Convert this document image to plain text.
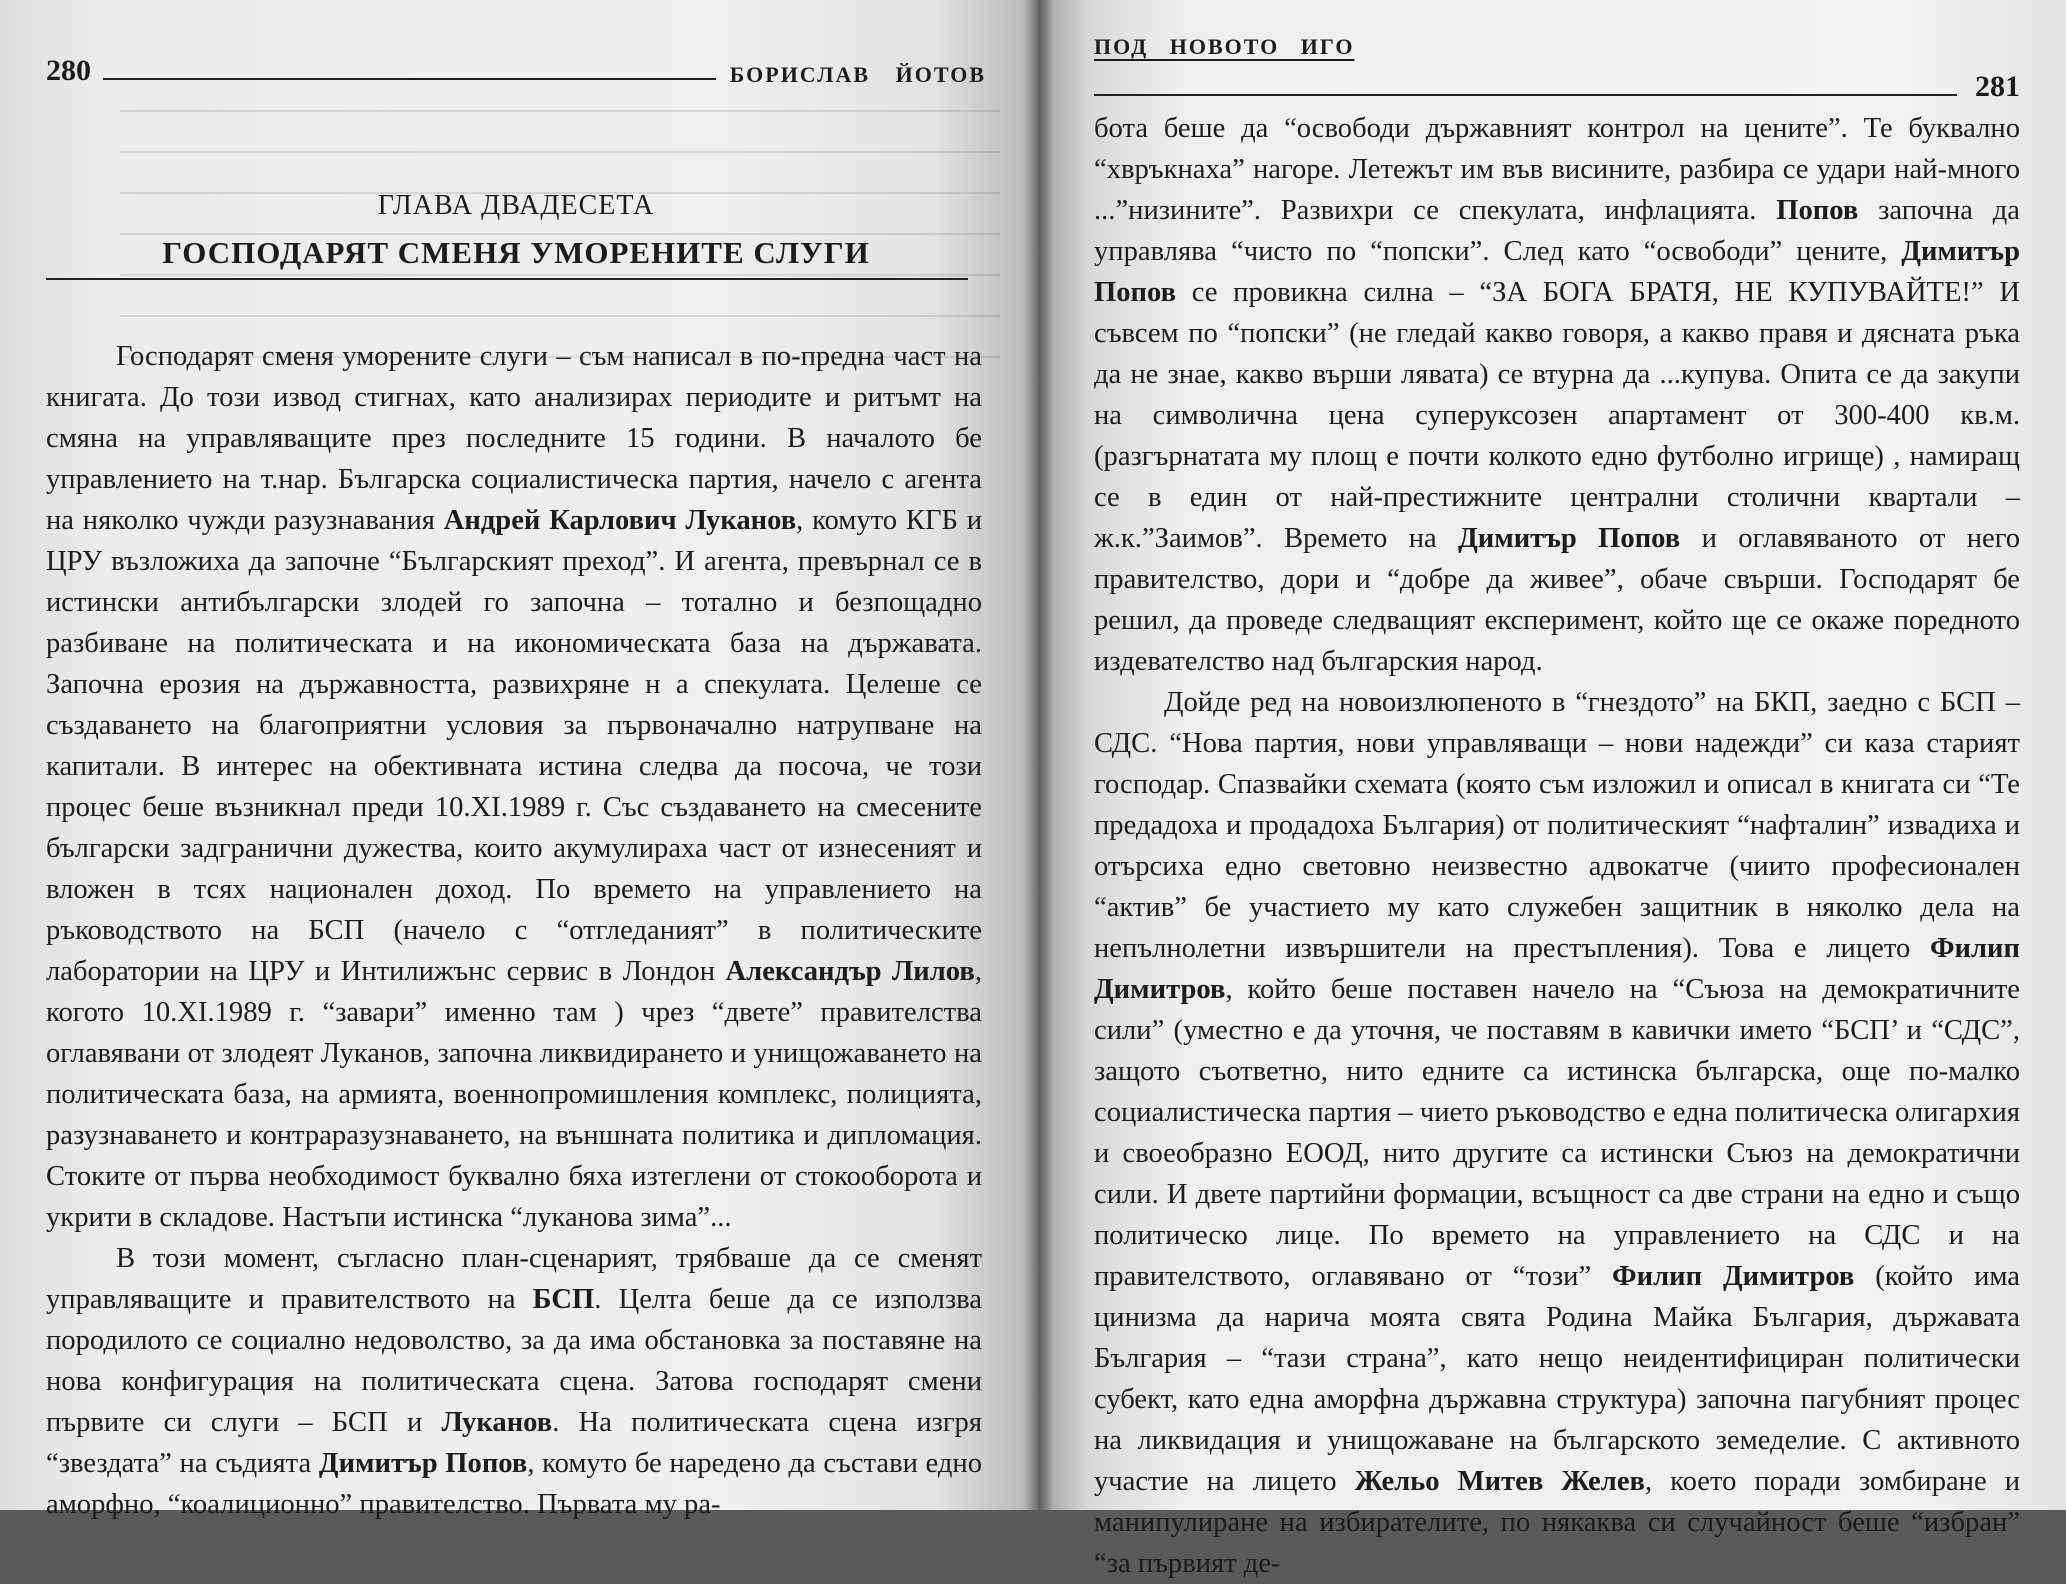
280	БОРИСЛАВ ЙОТОВ
ГЛАВА ДВАДЕСЕТА
ГОСПОДАРЯТ СМЕНЯ УМОРЕНИТЕ СЛУГИ

Господарят сменя уморените слуги – съм написал в по-предна част на книгата. До този извод стигнах, като анализирах периодите и ритъмт на смяна на управляващите през последните 15 години. В началото бе управлението на т.нар. Българска социалистическа партия, начело с агента на няколко чужди разузнавания Андрей Карлович Луканов, комуто КГБ и ЦРУ възложиха да започне “Българският преход”. И агента, превърнал се в истински антибългарски злодей го започна – тотално и безпощадно разбиване на политическата и на икономическата база на държавата. Започна ерозия на държавността, развихряне н а спекулата. Целеше се създаването на благоприятни условия за първоначално натрупване на капитали. В интерес на обективната истина следва да посоча, че този процес беше възникнал преди 10.XI.1989 г. Със създаването на смесените български задгранични дужества, които акумулираха част от изнесеният и вложен в тсях национален доход. По времето на управлението на ръководството на БСП (начело с “отгледаният” в политическите лаборатории на ЦРУ и Интилижънс сервис в Лондон Александър Лилов, когото 10.XI.1989 г. “завари” именно там ) чрез “двете” правителства оглавявани от злодеят Луканов, започна ликвидирането и унищожаването на политическата база, на армията, военнопромишления комплекс, полицията, разузнаването и контраразузнаването, на външната политика и дипломация. Стоките от първа необходимост буквално бяха изтеглени от стокооборота и укрити в складове. Настъпи истинска “луканова зима”...

В този момент, съгласно план-сценарият, трябваше да се сменят управляващите и правителството на БСП. Целта беше да се използва породилото се социално недоволство, за да има обстановка за поставяне на нова конфигурация на политическата сцена. Затова господарят смени първите си слуги – БСП и Луканов. На политическата сцена изгря “звездата” на съдията Димитър Попов, комуто бе наредено да състави едно аморфно, “коалиционно” правителство. Първата му ра-

ПОД НОВОТО ИГО
281

бота беше да “освободи държавният контрол на цените”. Те буквално “хвръкнаха” нагоре. Летежът им във висините, разбира се удари най-много ...”низините”. Развихри се спекулата, инфлацията. Попов започна да управлява “чисто по “попски”. След като “освободи” цените, Димитър Попов се провикна силна – “ЗА БОГА БРАТЯ, НЕ КУПУВАЙТЕ!” И съвсем по “попски” (не гледай какво говоря, а какво правя и дясната ръка да не знае, какво върши лявата) се втурна да ...купува. Опита се да закупи на символична цена суперуксозен апартамент от 300-400 кв.м. (разгърнатата му площ е почти колкото едно футболно игрище) , намиращ се в един от най-престижните централни столични квартали – ж.к.”Заимов”. Времето на Димитър Попов и оглавяваното от него правителство, дори и “добре да живее”, обаче свърши. Господарят бе решил, да проведе следващият експеримент, който ще се окаже поредното издевателство над българския народ.

Дойде ред на новоизлюпеното в “гнездото” на БКП, заедно с БСП – СДС. “Нова партия, нови управляващи – нови надежди” си каза старият господар. Спазвайки схемата (която съм изложил и описал в книгата си “Те предадоха и продадоха България) от политическият “нафталин” извадиха и отърсиха едно световно неизвестно адвокатче (чиито професионален “актив” бе участието му като служебен защитник в няколко дела на непълнолетни извършители на престъпления). Това е лицето Филип Димитров, който беше поставен начело на “Съюза на демократичните сили” (уместно е да уточня, че поставям в кавички името “БСП’ и “СДС”, защото съответно, нито едните са истинска българска, още по-малко социалистическа партия – чието ръководство е една политическа олигархия и своеобразно ЕООД, нито другите са истински Съюз на демократични сили. И двете партийни формации, всъщност са две страни на едно и също политическо лице. По времето на управлението на СДС и на правителството, оглавявано от “този” Филип Димитров (който има цинизма да нарича моята свята Родина Майка България, държавата България – “тази страна”, като нещо неидентифициран политически субект, като една аморфна държавна структура) започна пагубният процес на ликвидация и унищожаване на българското земеделие. С активното участие на лицето Жельо Митев Желев, което поради зомбиране и манипулиране на избирателите, по някаква си случайност беше “избран” “за първият де-
